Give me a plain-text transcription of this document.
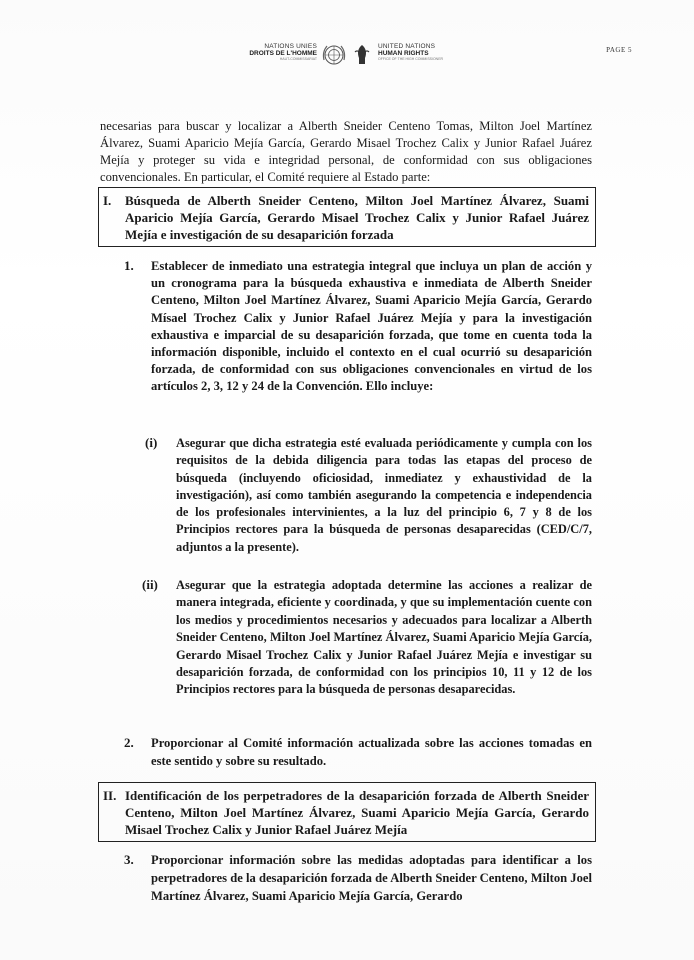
NATIONS UNIES
DROITS DE L'HOMME
HAUT-COMMISSARIAT
UNITED NATIONS
HUMAN RIGHTS
OFFICE OF THE HIGH COMMISSIONER
PAGE 5
necesarias para buscar y localizar a Alberth Sneider Centeno Tomas, Milton Joel Martínez Álvarez, Suami Aparicio Mejía García, Gerardo Misael Trochez Calix y Junior Rafael Juárez Mejía y proteger su vida e integridad personal, de conformidad con sus obligaciones convencionales. En particular, el Comité requiere al Estado parte:
I. Búsqueda de Alberth Sneider Centeno, Milton Joel Martínez Álvarez, Suami Aparicio Mejía García, Gerardo Misael Trochez Calix y Junior Rafael Juárez Mejía e investigación de su desaparición forzada
1. Establecer de inmediato una estrategia integral que incluya un plan de acción y un cronograma para la búsqueda exhaustiva e inmediata de Alberth Sneider Centeno, Milton Joel Martínez Álvarez, Suami Aparicio Mejía García, Gerardo Mísael Trochez Calix y Junior Rafael Juárez Mejía y para la investigación exhaustiva e imparcial de su desaparición forzada, que tome en cuenta toda la información disponible, incluido el contexto en el cual ocurrió su desaparición forzada, de conformidad con sus obligaciones convencionales en virtud de los artículos 2, 3, 12 y 24 de la Convención. Ello incluye:
(i) Asegurar que dicha estrategia esté evaluada periódicamente y cumpla con los requisitos de la debida diligencia para todas las etapas del proceso de búsqueda (incluyendo oficiosidad, inmediatez y exhaustividad de la investigación), así como también asegurando la competencia e independencia de los profesionales intervinientes, a la luz del principio 6, 7 y 8 de los Principios rectores para la búsqueda de personas desaparecidas (CED/C/7, adjuntos a la presente).
(ii) Asegurar que la estrategia adoptada determine las acciones a realizar de manera integrada, eficiente y coordinada, y que su implementación cuente con los medios y procedimientos necesarios y adecuados para localizar a Alberth Sneider Centeno, Milton Joel Martínez Álvarez, Suami Aparicio Mejía García, Gerardo Misael Trochez Calix y Junior Rafael Juárez Mejía e investigar su desaparición forzada, de conformidad con los principios 10, 11 y 12 de los Principios rectores para la búsqueda de personas desaparecidas.
2. Proporcionar al Comité información actualizada sobre las acciones tomadas en este sentido y sobre su resultado.
II. Identificación de los perpetradores de la desaparición forzada de Alberth Sneider Centeno, Milton Joel Martínez Álvarez, Suami Aparicio Mejía García, Gerardo Misael Trochez Calix y Junior Rafael Juárez Mejía
3. Proporcionar información sobre las medidas adoptadas para identificar a los perpetradores de la desaparición forzada de Alberth Sneider Centeno, Milton Joel Martínez Álvarez, Suami Aparicio Mejía García, Gerardo
